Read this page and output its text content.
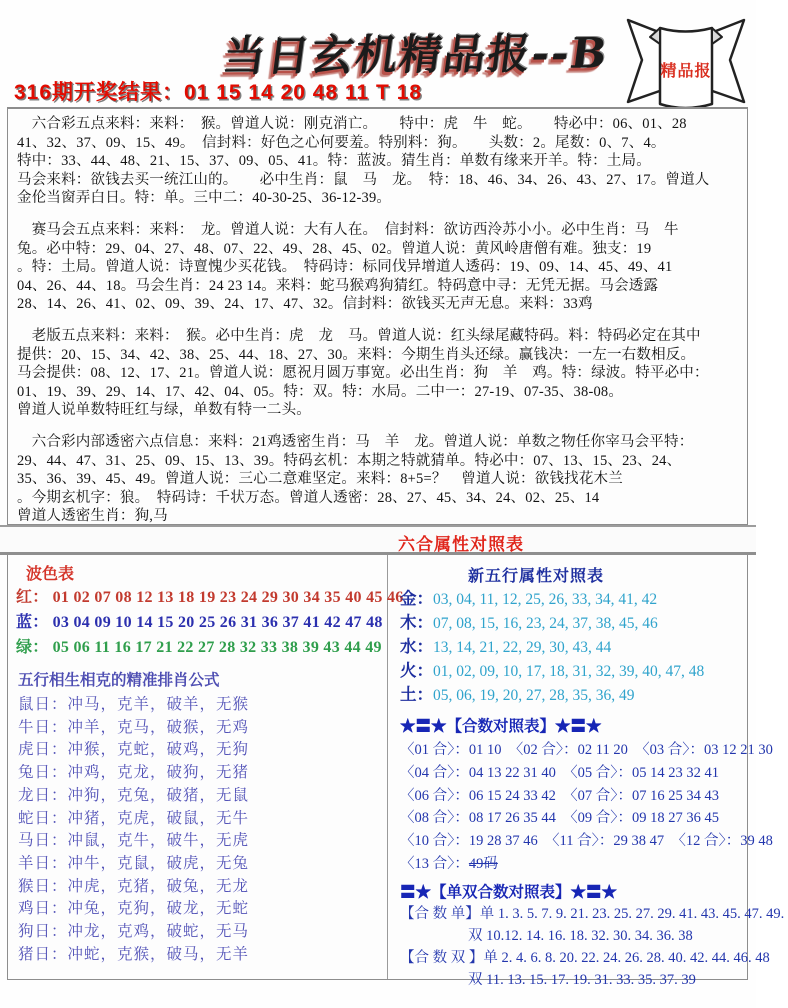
当日玄机精品报--B	精品报
316期开奖结果：01 15 14 20 48 11 T 18
　六合彩五点来料：来料：　猴。曾道人说：刚克消亡。　　特中：虎　牛　蛇。　　特必中：06、01、28
41、32、37、09、15、49。　信封料：好色之心何要羞。特别料：狗。　　头数：2。尾数：0、7、4。
特中：33、44、48、21、15、37、09、05、41。特：蓝波。猜生肖：单数有缘来开羊。特：土局。
马会来料：欲钱去买一统江山的。　　必中生肖：鼠　马　龙。　特：18、46、34、26、43、27、17。曾道人
金伦当窗弄白日。特：单。三中二：40-30-25、36-12-39。
　赛马会五点来料：来料：　龙。曾道人说：大有人在。　信封料：欲访西泠苏小小。必中生肖：马　牛
兔。必中特：29、04、27、48、07、22、49、28、45、02。曾道人说：黄风岭唐僧有难。独支：19
。特：土局。曾道人说：诗亶愧少买花钱。　特码诗：标同伐异增道人透码：19、09、14、45、49、41
04、26、44、18。马会生肖：24 23 14。来料：蛇马猴鸡狗猜红。特码意中寻：无凭无据。马会透露
28、14、26、41、02、09、39、24、17、47、32。信封料：欲钱买无声无息。来料：33鸡
　老版五点来料：来料：　猴。必中生肖：虎　龙　马。曾道人说：红头绿尾藏特码。料：特码必定在其中
提供：20、15、34、42、38、25、44、18、27、30。来料：今期生肖头还绿。赢钱决：一左一右数相反。
马会提供：08、12、17、21。曾道人说：愿祝月圆万事宽。必出生肖：狗　羊　鸡。特：绿波。特平必中：
01、19、39、29、14、17、42、04、05。特：双。特：水局。二中一：27-19、07-35、38-08。
曾道人说单数特旺红与绿，单数有特一二头。
　六合彩内部透密六点信息：来料：21鸡透密生肖：马　羊　龙。曾道人说：单数之物任你宰马会平特：
29、44、47、31、25、09、15、13、39。特码玄机：本期之特就猜单。特必中：07、13、15、23、24、
35、36、39、45、49。曾道人说：三心二意难坚定。来料：8+5=？　曾道人说：欲钱找花木兰
。今期玄机字：狼。　特码诗：千状万态。曾道人透密：28、27、45、34、24、02、25、14
曾道人透密生肖：狗,马
六合属性对照表
波色表
红： 01 02 07 08 12 13 18 19 23 24 29 30 34 35 40 45 46
蓝： 03 04 09 10 14 15 20 25 26 31 36 37 41 42 47 48
绿： 05 06 11 16 17 21 22 27 28 32 33 38 39 43 44 49
五行相生相克的精准排肖公式
鼠日：冲马，克羊，破羊，无猴
牛日：冲羊，克马，破猴，无鸡
虎日：冲猴，克蛇，破鸡，无狗
兔日：冲鸡，克龙，破狗，无猪
龙日：冲狗，克兔，破猪，无鼠
蛇日：冲猪，克虎，破鼠，无牛
马日：冲鼠，克牛，破牛，无虎
羊日：冲牛，克鼠，破虎，无兔
猴日：冲虎，克猪，破兔，无龙
鸡日：冲兔，克狗，破龙，无蛇
狗日：冲龙，克鸡，破蛇，无马
猪日：冲蛇，克猴，破马，无羊
新五行属性对照表
金：03, 04, 11, 12, 25, 26, 33, 34, 41, 42
木：07, 08, 15, 16, 23, 24, 37, 38, 45, 46
水：13, 14, 21, 22, 29, 30, 43, 44
火：01, 02, 09, 10, 17, 18, 31, 32, 39, 40, 47, 48
土：05, 06, 19, 20, 27, 28, 35, 36, 49
★〓★【合数对照表】★〓★
〈01 合〉：01 10　〈02 合〉：02 11 20　〈03 合〉：03 12 21 30
〈04 合〉：04 13 22 31 40　〈05 合〉：05 14 23 32 41
〈06 合〉：06 15 24 33 42　〈07 合〉：07 16 25 34 43
〈08 合〉：08 17 26 35 44　〈09 合〉：09 18 27 36 45
〈10 合〉：19 28 37 46　〈11 合〉：29 38 47　〈12 合〉：39 48
〈13 合〉：49码
〓★【单双合数对照表】★〓★
【合 数 单】单 1. 3. 5. 7. 9. 21. 23. 25. 27. 29. 41. 43. 45. 47. 49.
双 10.12. 14. 16. 18. 32. 30. 34. 36. 38
【合 数 双 】单 2. 4. 6. 8. 20. 22. 24. 26. 28. 40. 42. 44. 46. 48
双 11. 13. 15. 17. 19. 31. 33. 35. 37. 39
